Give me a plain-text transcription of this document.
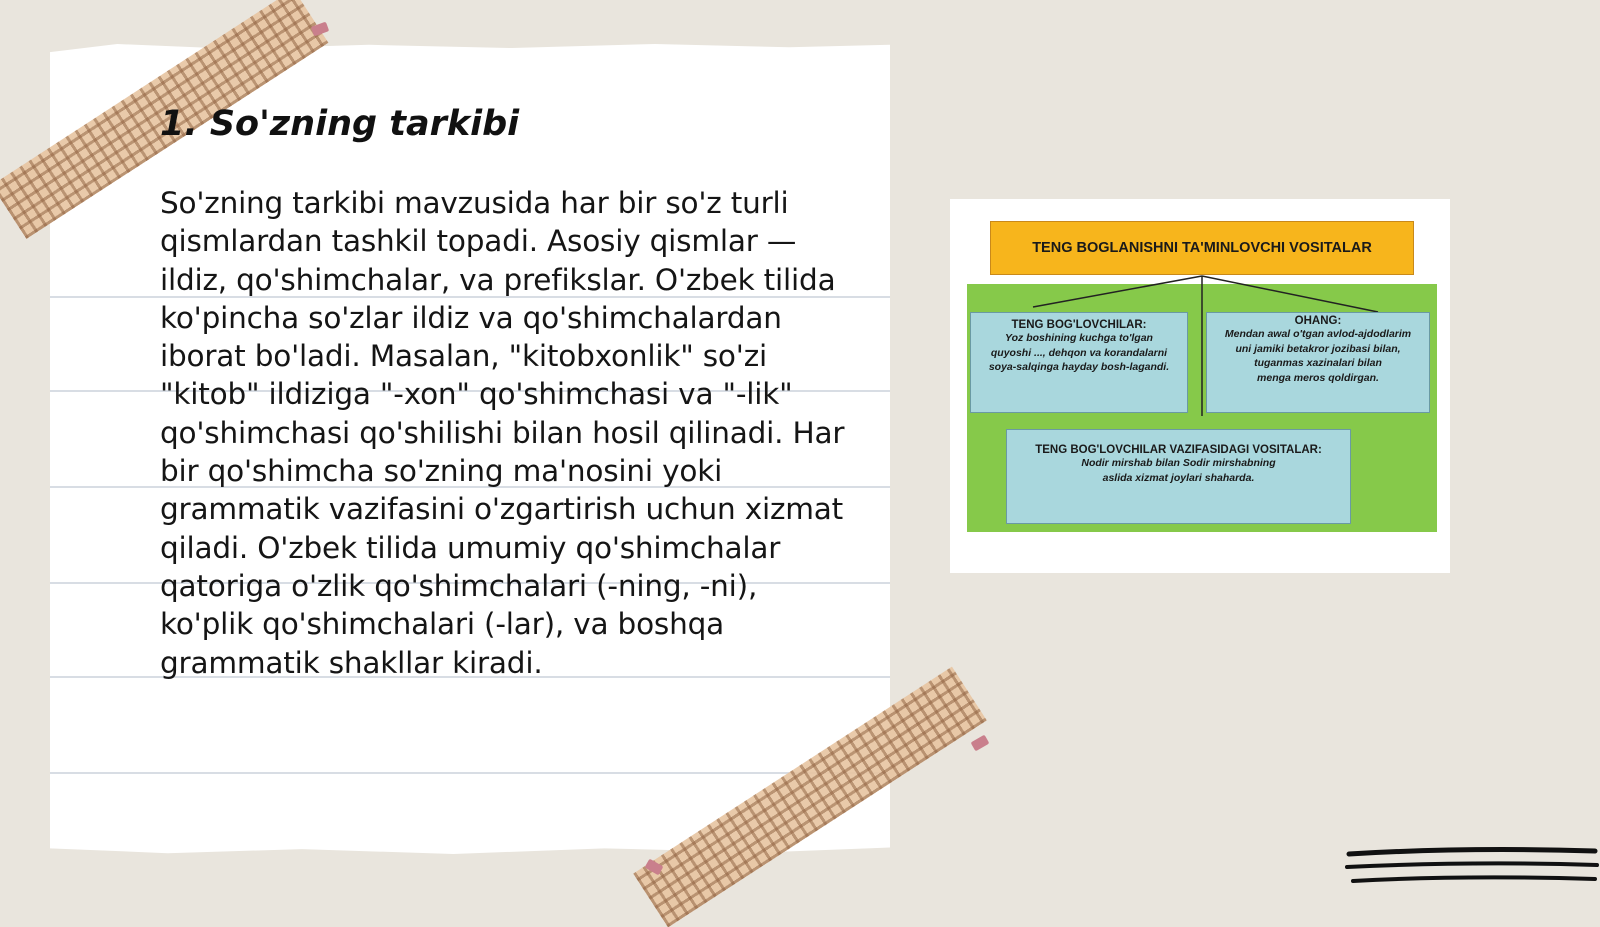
1. So'zning tarkibi

So'zning tarkibi mavzusida har bir so'z turli qismlardan tashkil topadi. Asosiy qismlar — ildiz, qo'shimchalar, va prefikslar. O'zbek tilida ko'pincha so'zlar ildiz va qo'shimchalardan iborat bo'ladi. Masalan, "kitobxonlik" so'zi "kitob" ildiziga "-xon" qo'shimchasi va "-lik" qo'shimchasi qo'shilishi bilan hosil qilinadi. Har bir qo'shimcha so'zning ma'nosini yoki grammatik vazifasini o'zgartirish uchun xizmat qiladi. O'zbek tilida umumiy qo'shimchalar qatoriga o'zlik qo'shimchalari (-ning, -ni), ko'plik qo'shimchalari (-lar), va boshqa grammatik shakllar kiradi.

TENG BOGLANISHNI TA'MINLOVCHI VOSITALAR
TENG BOG'LOVCHILAR:
Yoz boshining kuchga to'lgan
quyoshi ..., dehqon va korandalarni
soya-salqinga hayday bosh-lagandi.
OHANG:
Mendan awal o'tgan avlod-ajdodlarim
uni jamiki betakror jozibasi bilan,
tuganmas xazinalari bilan
menga meros qoldirgan.
TENG BOG'LOVCHILAR VAZIFASIDAGI VOSITALAR:
Nodir mirshab bilan Sodir mirshabning
aslida xizmat joylari shaharda.
